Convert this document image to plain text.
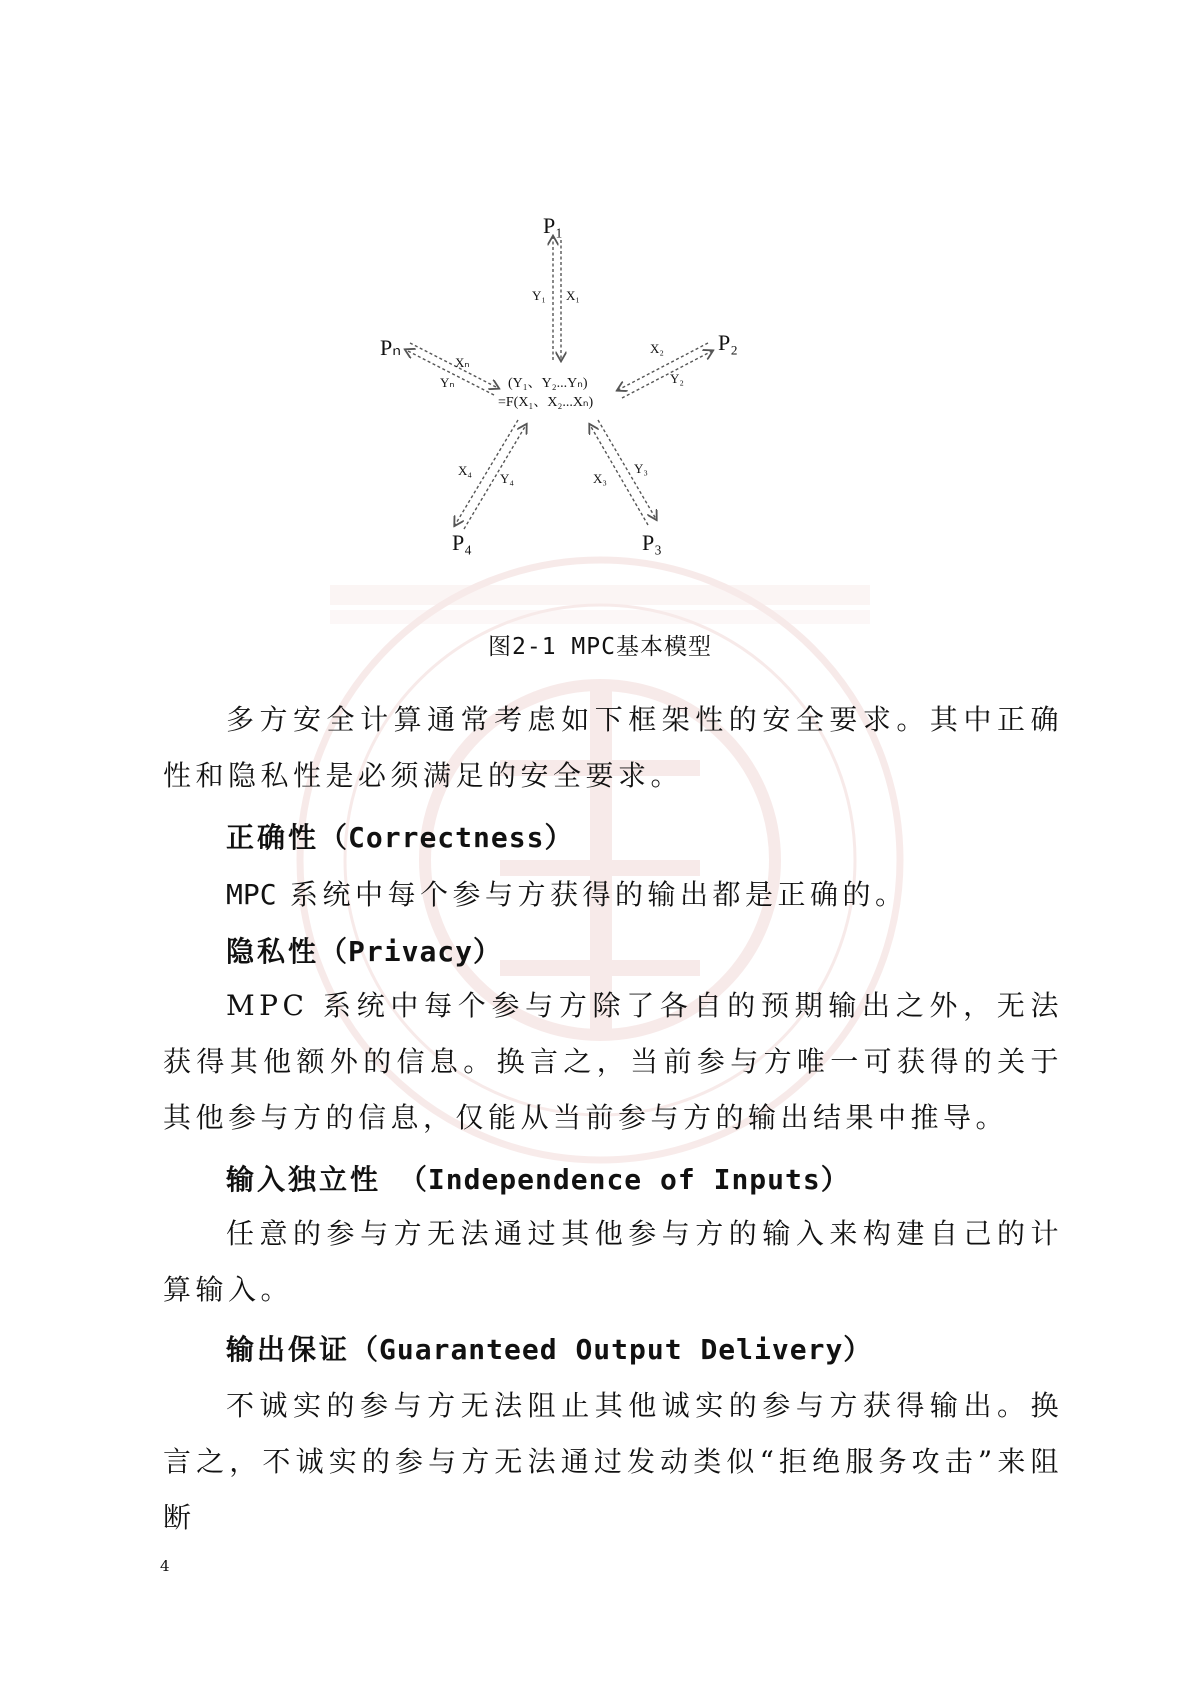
P₁
P₂
Pₙ
P₄	P₃
Y₁ X₁
Xₙ
Yₙ
X₂
Y₂
X₄
Y₄	X₃
Y₃
(Y₁、Y₂...Yₙ)
=F(X₁、X₂...Xₙ)
图2-1 MPC基本模型

多方安全计算通常考虑如下框架性的安全要求。其中正确性和隐私性是必须满足的安全要求。

正确性（Correctness）

MPC 系统中每个参与方获得的输出都是正确的。

隐私性（Privacy）

MPC 系统中每个参与方除了各自的预期输出之外，无法获得其他额外的信息。换言之，当前参与方唯一可获得的关于其他参与方的信息，仅能从当前参与方的输出结果中推导。

输入独立性 （Independence of Inputs）

任意的参与方无法通过其他参与方的输入来构建自己的计算输入。

输出保证（Guaranteed Output Delivery）

不诚实的参与方无法阻止其他诚实的参与方获得输出。换言之，不诚实的参与方无法通过发动类似“拒绝服务攻击”来阻断

4
